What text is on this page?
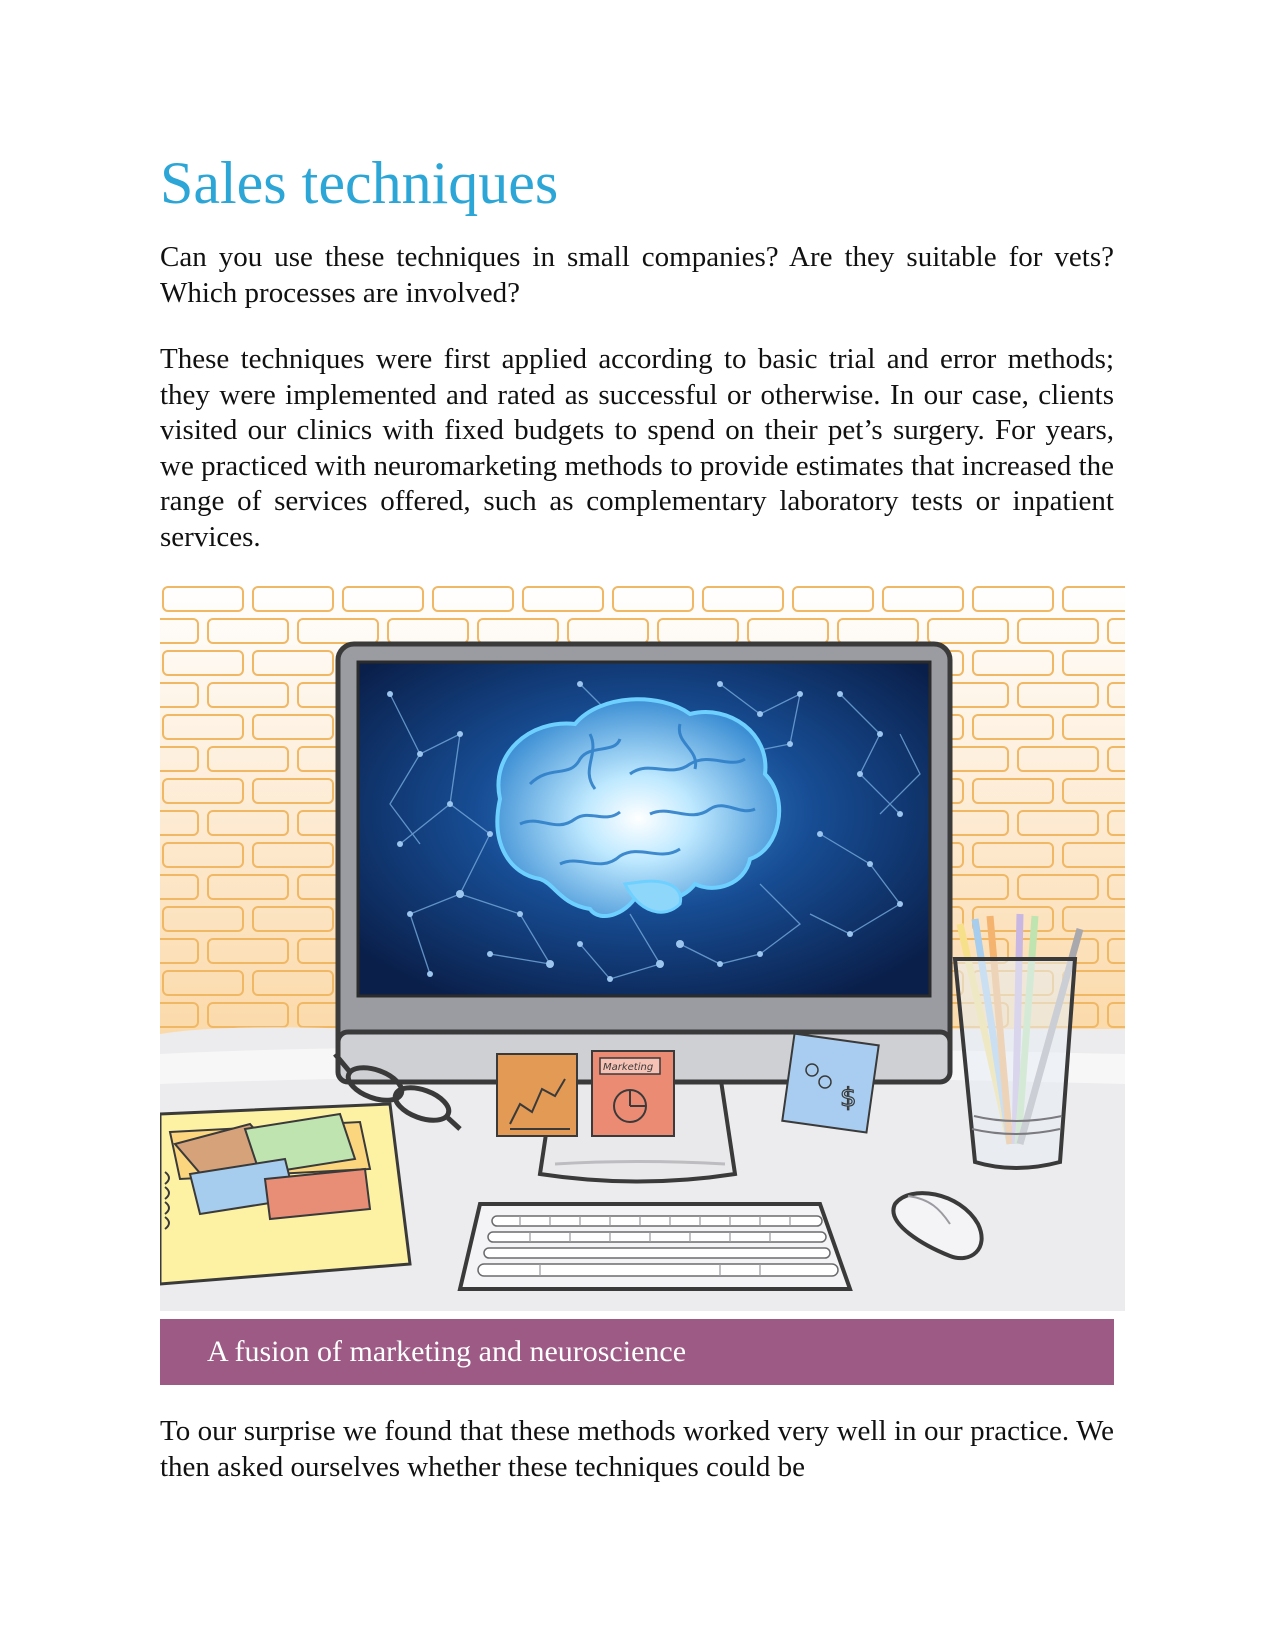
Sales techniques

Can you use these techniques in small companies? Are they suitable for vets? Which processes are involved?

These techniques were first applied according to basic trial and error methods; they were implemented and rated as successful or otherwise. In our case, clients visited our clinics with fixed budgets to spend on their pet’s surgery. For years, we practiced with neuromarketing methods to provide estimates that increased the range of services offered, such as complementary laboratory tests or inpatient services.

Marketing
$
A fusion of marketing and neuroscience

To our surprise we found that these methods worked very well in our practice. We then asked ourselves whether these techniques could be
